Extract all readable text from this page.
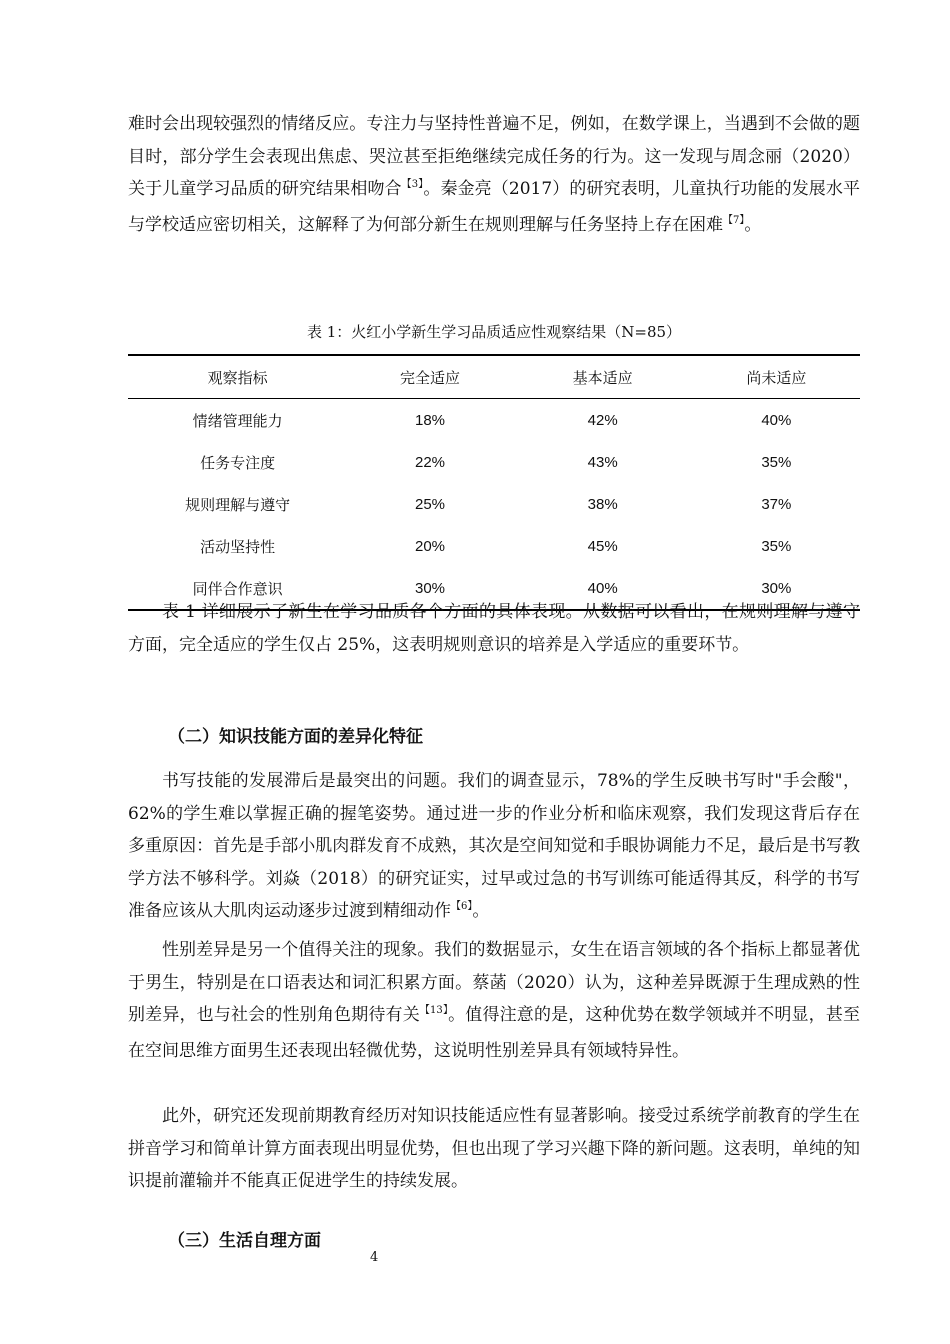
难时会出现较强烈的情绪反应。专注力与坚持性普遍不足，例如，在数学课上，当遇到不会做的题目时，部分学生会表现出焦虑、哭泣甚至拒绝继续完成任务的行为。这一发现与周念丽（2020）关于儿童学习品质的研究结果相吻合$^{【3】}$。秦金亮（2017）的研究表明，儿童执行功能的发展水平与学校适应密切相关，这解释了为何部分新生在规则理解与任务坚持上存在困难$^{【7】}$。

表 1：火红小学新生学习品质适应性观察结果（N=85）
观察指标	完全适应	基本适应	尚未适应
情绪管理能力	18%	42%	40%
任务专注度	22%	43%	35%
规则理解与遵守	25%	38%	37%
活动坚持性	20%	45%	35%
同伴合作意识	30%	40%	30%

表 1 详细展示了新生在学习品质各个方面的具体表现。从数据可以看出，在规则理解与遵守方面，完全适应的学生仅占 25%，这表明规则意识的培养是入学适应的重要环节。

（二）知识技能方面的差异化特征

书写技能的发展滞后是最突出的问题。我们的调查显示，78%的学生反映书写时"手会酸"，62%的学生难以掌握正确的握笔姿势。通过进一步的作业分析和临床观察，我们发现这背后存在多重原因：首先是手部小肌肉群发育不成熟，其次是空间知觉和手眼协调能力不足，最后是书写教学方法不够科学。刘焱（2018）的研究证实，过早或过急的书写训练可能适得其反，科学的书写准备应该从大肌肉运动逐步过渡到精细动作$^{【6】}$。

性别差异是另一个值得关注的现象。我们的数据显示，女生在语言领域的各个指标上都显著优于男生，特别是在口语表达和词汇积累方面。蔡菡（2020）认为，这种差异既源于生理成熟的性别差异，也与社会的性别角色期待有关$^{【13】}$。值得注意的是，这种优势在数学领域并不明显，甚至在空间思维方面男生还表现出轻微优势，这说明性别差异具有领域特异性。

此外，研究还发现前期教育经历对知识技能适应性有显著影响。接受过系统学前教育的学生在拼音学习和简单计算方面表现出明显优势，但也出现了学习兴趣下降的新问题。这表明，单纯的知识提前灌输并不能真正促进学生的持续发展。

（三）生活自理方面
4
